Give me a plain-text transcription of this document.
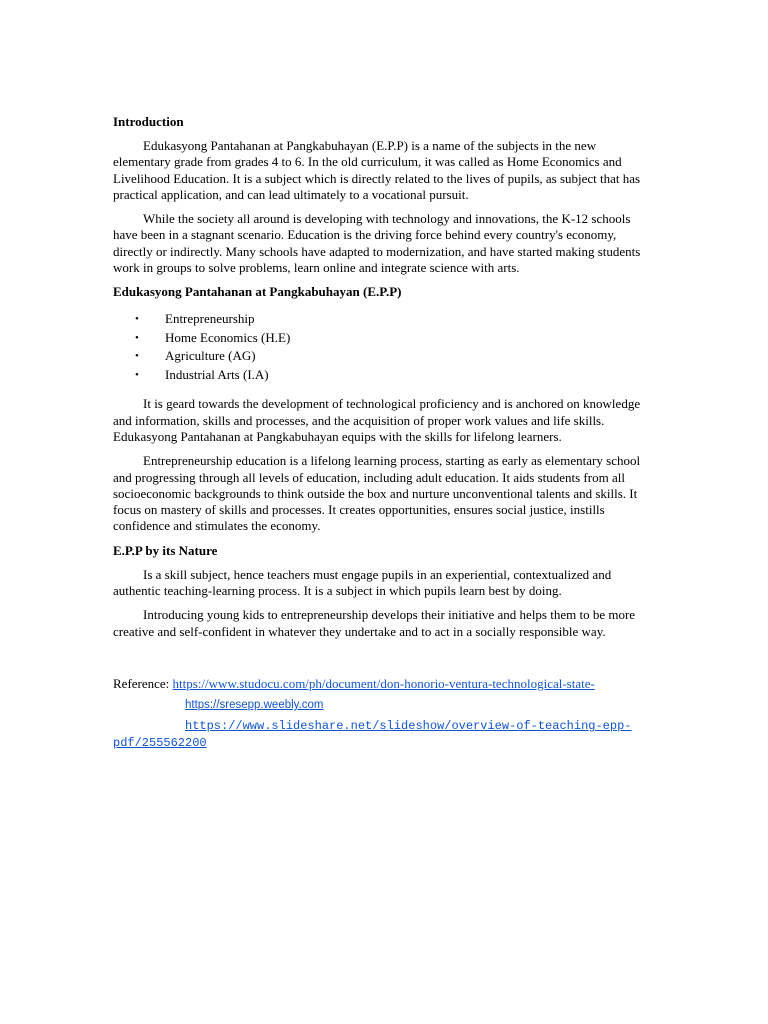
Introduction

Edukasyong Pantahanan at Pangkabuhayan (E.P.P) is a name of the subjects in the new elementary grade from grades 4 to 6. In the old curriculum, it was called as Home Economics and Livelihood Education. It is a subject which is directly related to the lives of pupils, as subject that has practical application, and can lead ultimately to a vocational pursuit.

While the society all around is developing with technology and innovations, the K-12 schools have been in a stagnant scenario. Education is the driving force behind every country's economy, directly or indirectly. Many schools have adapted to modernization, and have started making students work in groups to solve problems, learn online and integrate science with arts.

Edukasyong Pantahanan at Pangkabuhayan (E.P.P)
• Entrepreneurship
• Home Economics (H.E)
• Agriculture (AG)
• Industrial Arts (I.A)

It is geard towards the development of technological proficiency and is anchored on knowledge and information, skills and processes, and the acquisition of proper work values and life skills. Edukasyong Pantahanan at Pangkabuhayan equips with the skills for lifelong learners.

Entrepreneurship education is a lifelong learning process, starting as early as elementary school and progressing through all levels of education, including adult education. It aids students from all socioeconomic backgrounds to think outside the box and nurture unconventional talents and skills. It focus on mastery of skills and processes. It creates opportunities, ensures social justice, instills confidence and stimulates the economy.

E.P.P by its Nature

Is a skill subject, hence teachers must engage pupils in an experiential, contextualized and authentic teaching-learning process. It is a subject in which pupils learn best by doing.

Introducing young kids to entrepreneurship develops their initiative and helps them to be more creative and self-confident in whatever they undertake and to act in a socially responsible way.

Reference: https://www.studocu.com/ph/document/don-honorio-ventura-technological-state-
https://sresepp.weebly.com
https://www.slideshare.net/slideshow/overview-of-teaching-epp-pdf/255562200
